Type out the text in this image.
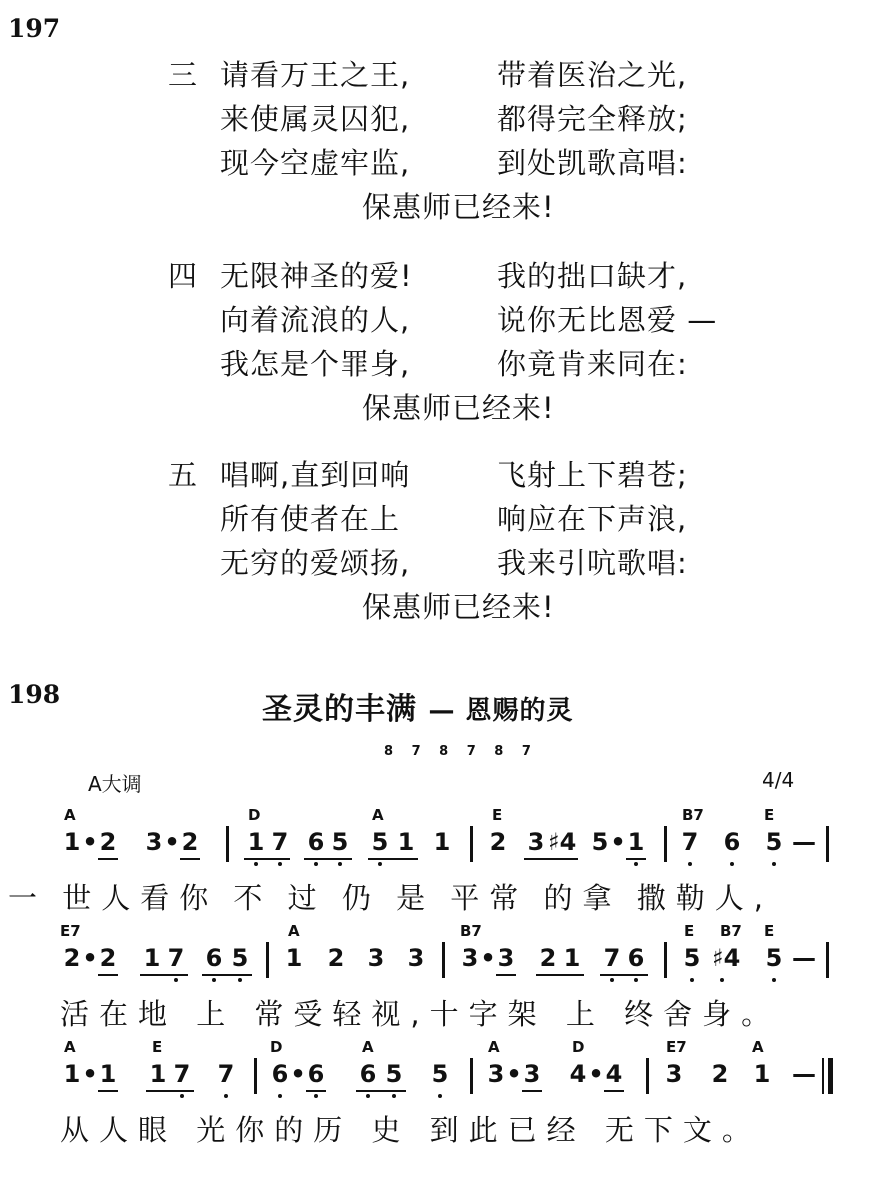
197
三 请看万王之王,	带着医治之光,
来使属灵囚犯,	都得完全释放;
现今空虚牢监,	到处凯歌高唱:
保惠师已经来!
四 无限神圣的爱!	我的拙口缺才,
向着流浪的人,	说你无比恩爱 —
我怎是个罪身,	你竟肯来同在:
保惠师已经来!
五 唱啊,直到回响	飞射上下碧苍;
所有使者在上	响应在下声浪,
无穷的爱颂扬,	我来引吭歌唱:
保惠师已经来!
198	圣灵的丰满 — 恩赐的灵
8 7 8 7 8 7
A大调	4/4
A	D	A	E	B7	E
1 • 2 3 • 2 1 7 6 5 5 1 1 2 3 ♯4 5 • 1 7 6 5 —
一 世人看你 不 过 仍 是 平常 的拿 撒勒人,
E7	A	B7	E B7 E
2 • 2 1 7 6 5 1 2 3 3 3 • 3 2 1 7 6 5 ♯4 5 —
活在地 上 常受轻视,十字架 上 终舍身。
A	E	D	A	A	D	E7	A
1 • 1 1 7 7 6 • 6 6 5 5 3 • 3 4 • 4 3 2 1 —
从人眼 光你的历 史 到此已经 无下文。
